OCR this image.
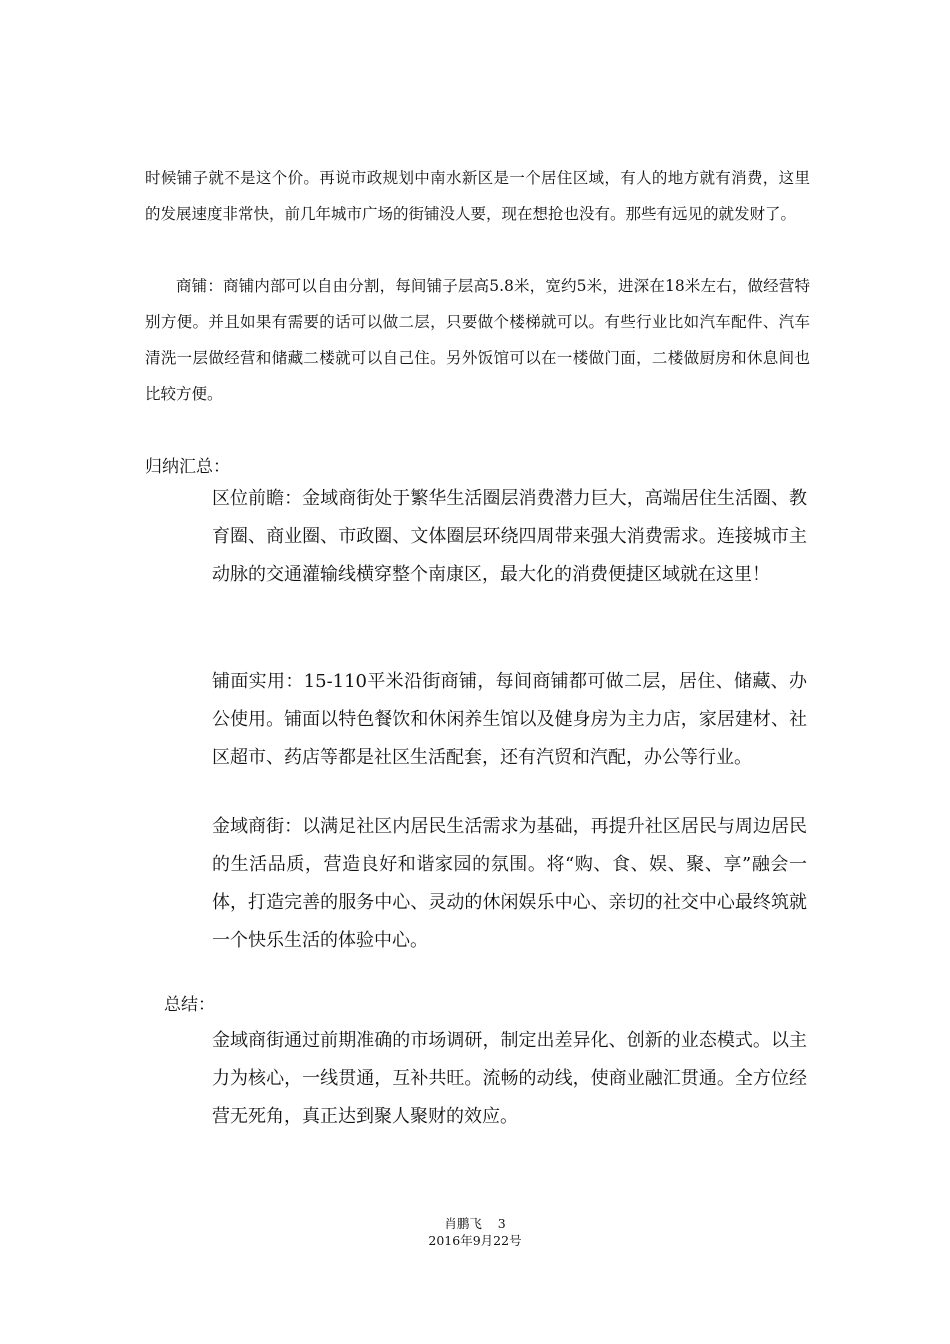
时候铺子就不是这个价。再说市政规划中南水新区是一个居住区域，有人的地方就有消费，这里的发展速度非常快，前几年城市广场的街铺没人要，现在想抢也没有。那些有远见的就发财了。

商铺：商铺内部可以自由分割，每间铺子层高5.8米，宽约5米，进深在18米左右，做经营特别方便。并且如果有需要的话可以做二层，只要做个楼梯就可以。有些行业比如汽车配件、汽车清洗一层做经营和储藏二楼就可以自己住。另外饭馆可以在一楼做门面，二楼做厨房和休息间也比较方便。

归纳汇总：

区位前瞻：金域商街处于繁华生活圈层消费潜力巨大，高端居住生活圈、教育圈、商业圈、市政圈、文体圈层环绕四周带来强大消费需求。连接城市主动脉的交通灌输线横穿整个南康区，最大化的消费便捷区域就在这里！

铺面实用：15-110平米沿街商铺，每间商铺都可做二层，居住、储藏、办公使用。铺面以特色餐饮和休闲养生馆以及健身房为主力店，家居建材、社区超市、药店等都是社区生活配套，还有汽贸和汽配，办公等行业。

金域商街：以满足社区内居民生活需求为基础，再提升社区居民与周边居民的生活品质，营造良好和谐家园的氛围。将“购、食、娱、聚、享”融会一体，打造完善的服务中心、灵动的休闲娱乐中心、亲切的社交中心最终筑就一个快乐生活的体验中心。

总结：

金域商街通过前期准确的市场调研，制定出差异化、创新的业态模式。以主力为核心，一线贯通，互补共旺。流畅的动线，使商业融汇贯通。全方位经营无死角，真正达到聚人聚财的效应。

肖鹏飞    3
2016年9月22号
